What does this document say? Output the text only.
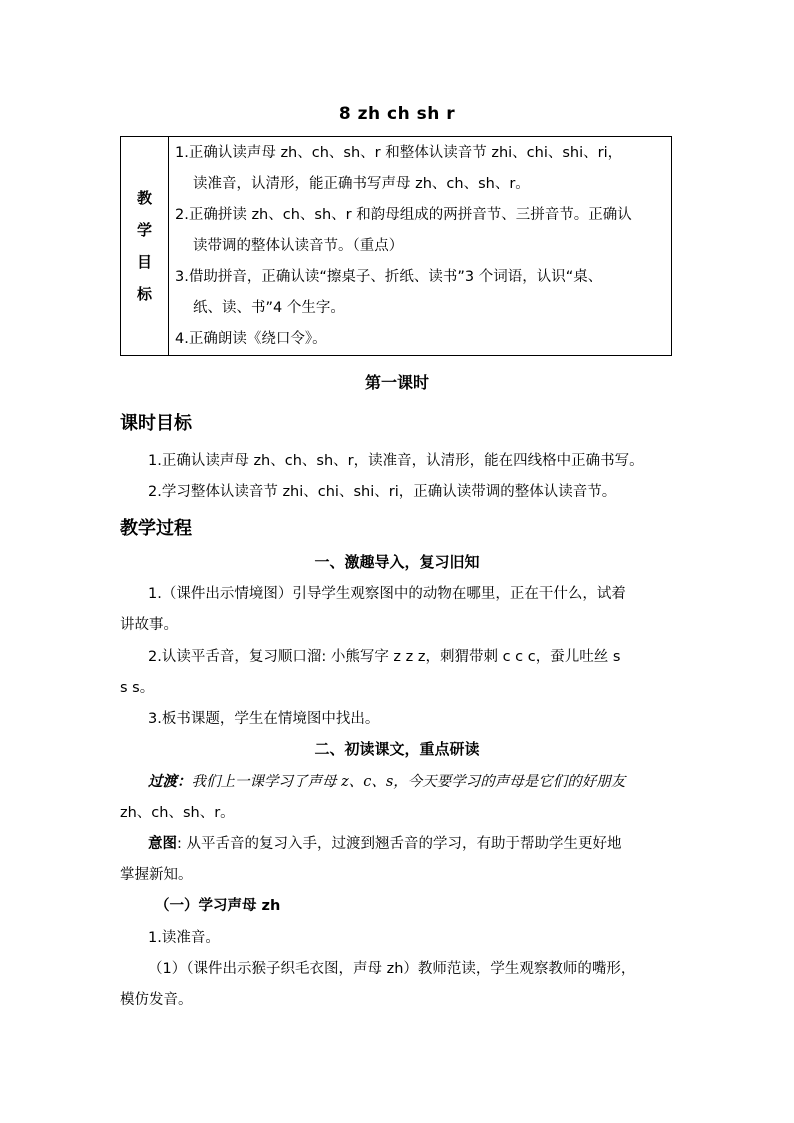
8 zh ch sh r
教
学
目
标

1.正确认读声母 zh、ch、sh、r 和整体认读音节 zhi、chi、shi、ri，
读准音，认清形，能正确书写声母 zh、ch、sh、r。
2.正确拼读 zh、ch、sh、r 和韵母组成的两拼音节、三拼音节。正确认
读带调的整体认读音节。（重点）
3.借助拼音，正确认读“擦桌子、折纸、读书”3 个词语，认识“桌、
纸、读、书”4 个生字。
4.正确朗读《绕口令》。
第一课时
课时目标
1.正确认读声母 zh、ch、sh、r，读准音，认清形，能在四线格中正确书写。
2.学习整体认读音节 zhi、chi、shi、ri，正确认读带调的整体认读音节。
教学过程
一、激趣导入，复习旧知
1.（课件出示情境图）引导学生观察图中的动物在哪里，正在干什么，试着
讲故事。
2.认读平舌音，复习顺口溜: 小熊写字 z z z，刺猬带刺 c c c，蚕儿吐丝 s
s s。
3.板书课题，学生在情境图中找出。
二、初读课文，重点研读
过渡：我们上一课学习了声母 z、c、s，今天要学习的声母是它们的好朋友
zh、ch、sh、r。
意图: 从平舌音的复习入手，过渡到翘舌音的学习，有助于帮助学生更好地
掌握新知。
（一）学习声母 zh
1.读准音。
（1）（课件出示猴子织毛衣图，声母 zh）教师范读，学生观察教师的嘴形，
模仿发音。
